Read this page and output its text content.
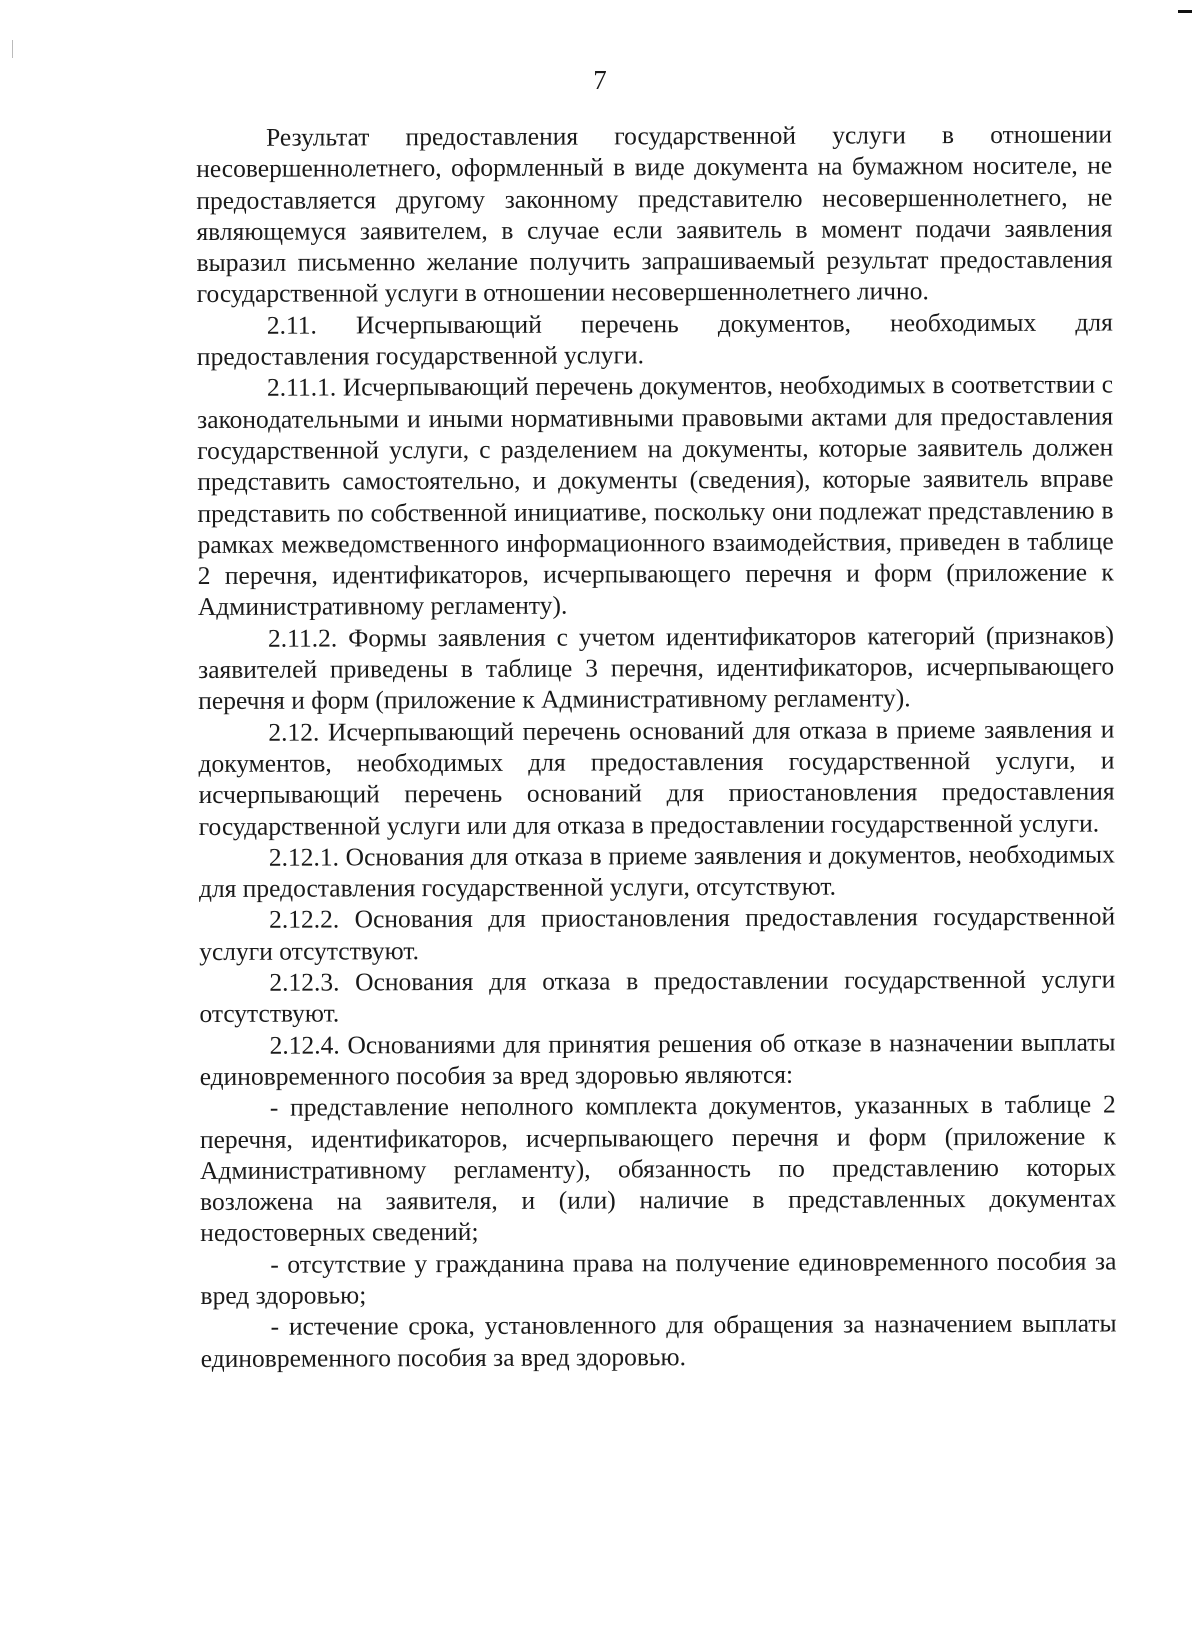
7

Результат предоставления государственной услуги в отношении несовершеннолетнего, оформленный в виде документа на бумажном носителе, не предоставляется другому законному представителю несовершеннолетнего, не являющемуся заявителем, в случае если заявитель в момент подачи заявления выразил письменно желание получить запрашиваемый результат предоставления государственной услуги в отношении несовершеннолетнего лично.

2.11. Исчерпывающий перечень документов, необходимых для предоставления государственной услуги.

2.11.1. Исчерпывающий перечень документов, необходимых в соответствии с законодательными и иными нормативными правовыми актами для предоставления государственной услуги, с разделением на документы, которые заявитель должен представить самостоятельно, и документы (сведения), которые заявитель вправе представить по собственной инициативе, поскольку они подлежат представлению в рамках межведомственного информационного взаимодействия, приведен в таблице 2 перечня, идентификаторов, исчерпывающего перечня и форм (приложение к Административному регламенту).

2.11.2. Формы заявления с учетом идентификаторов категорий (признаков) заявителей приведены в таблице 3 перечня, идентификаторов, исчерпывающего перечня и форм (приложение к Административному регламенту).

2.12. Исчерпывающий перечень оснований для отказа в приеме заявления и документов, необходимых для предоставления государственной услуги, и исчерпывающий перечень оснований для приостановления предоставления государственной услуги или для отказа в предоставлении государственной услуги.

2.12.1. Основания для отказа в приеме заявления и документов, необходимых для предоставления государственной услуги, отсутствуют.

2.12.2. Основания для приостановления предоставления государственной услуги отсутствуют.

2.12.3. Основания для отказа в предоставлении государственной услуги отсутствуют.

2.12.4. Основаниями для принятия решения об отказе в назначении выплаты единовременного пособия за вред здоровью являются:

- представление неполного комплекта документов, указанных в таблице 2 перечня, идентификаторов, исчерпывающего перечня и форм (приложение к Административному регламенту), обязанность по представлению которых возложена на заявителя, и (или) наличие в представленных документах недостоверных сведений;

- отсутствие у гражданина права на получение единовременного пособия за вред здоровью;

- истечение срока, установленного для обращения за назначением выплаты единовременного пособия за вред здоровью.
